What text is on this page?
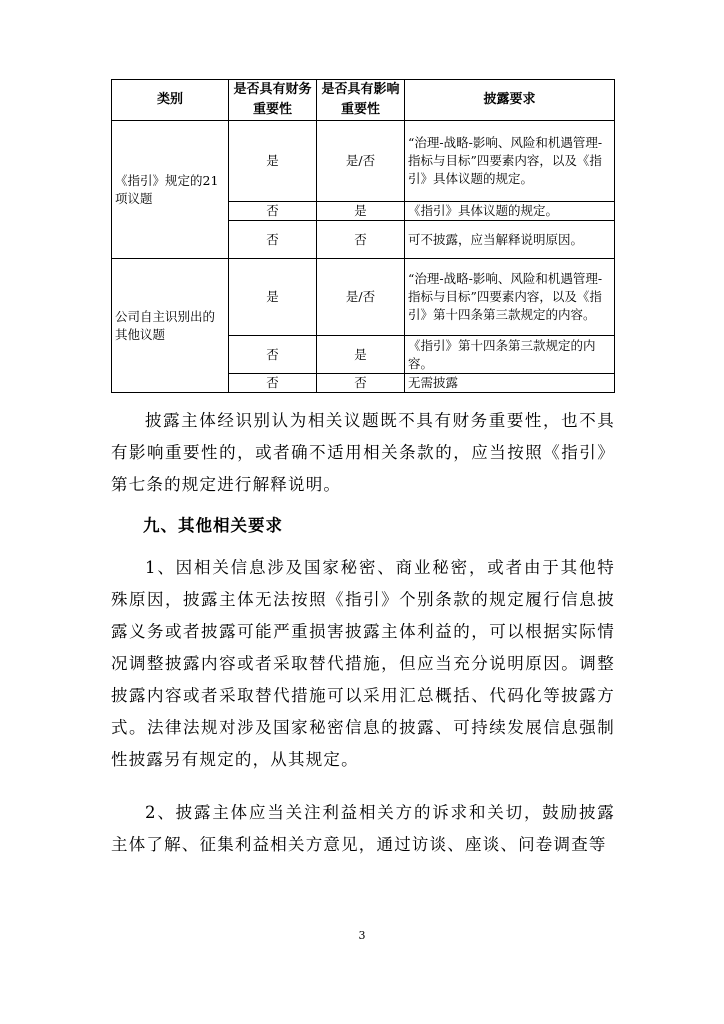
类别	是否具有财务重要性	是否具有影响重要性	披露要求
《指引》规定的21项议题	是	是/否	“治理-战略-影响、风险和机遇管理-指标与目标”四要素内容，以及《指引》具体议题的规定。
	否	是	《指引》具体议题的规定。
	否	否	可不披露，应当解释说明原因。
公司自主识别出的其他议题	是	是/否	“治理-战略-影响、风险和机遇管理-指标与目标”四要素内容，以及《指引》第十四条第三款规定的内容。
	否	是	《指引》第十四条第三款规定的内容。
	否	否	无需披露

披露主体经识别认为相关议题既不具有财务重要性，也不具有影响重要性的，或者确不适用相关条款的，应当按照《指引》第七条的规定进行解释说明。

九、其他相关要求

1、因相关信息涉及国家秘密、商业秘密，或者由于其他特殊原因，披露主体无法按照《指引》个别条款的规定履行信息披露义务或者披露可能严重损害披露主体利益的，可以根据实际情况调整披露内容或者采取替代措施，但应当充分说明原因。调整披露内容或者采取替代措施可以采用汇总概括、代码化等披露方式。法律法规对涉及国家秘密信息的披露、可持续发展信息强制性披露另有规定的，从其规定。

2、披露主体应当关注利益相关方的诉求和关切，鼓励披露主体了解、征集利益相关方意见，通过访谈、座谈、问卷调查等

3
